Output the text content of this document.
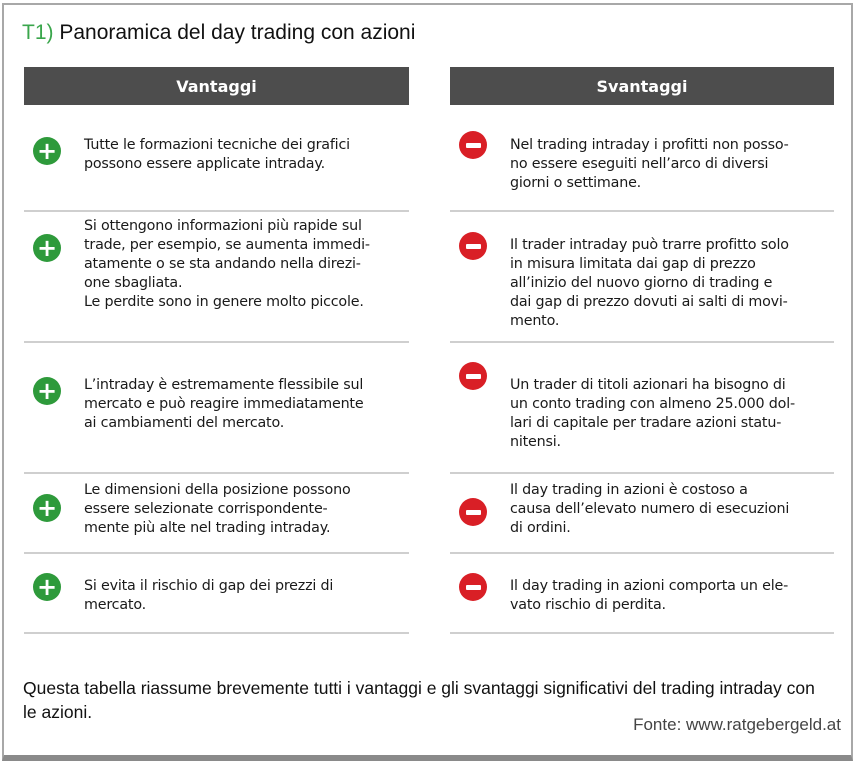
T1) Panoramica del day trading con azioni
Vantaggi
+ Tutte le formazioni tecniche dei grafici
possono essere applicate intraday.
+
Si ottengono informazioni più rapide sul
trade, per esempio, se aumenta immedi-
atamente o se sta andando nella direzi-
one sbagliata.
Le perdite sono in genere molto piccole.
+ L’intraday è estremamente flessibile sul
mercato e può reagire immediatamente
ai cambiamenti del mercato.
+
Le dimensioni della posizione possono
essere selezionate corrispondente-
mente più alte nel trading intraday.
+ Si evita il rischio di gap dei prezzi di
mercato.
Svantaggi
Nel trading intraday i profitti non posso-
no essere eseguiti nell’arco di diversi
giorni o settimane.
Il trader intraday può trarre profitto solo
in misura limitata dai gap di prezzo
all’inizio del nuovo giorno di trading e
dai gap di prezzo dovuti ai salti di movi-
mento.
Un trader di titoli azionari ha bisogno di
un conto trading con almeno 25.000 dol-
lari di capitale per tradare azioni statu-
nitensi.
Il day trading in azioni è costoso a
causa dell’elevato numero di esecuzioni
di ordini.
Il day trading in azioni comporta un ele-
vato rischio di perdita.
Questa tabella riassume brevemente tutti i vantaggi e gli svantaggi significativi del trading intraday con le azioni.
Fonte: www.ratgebergeld.at
